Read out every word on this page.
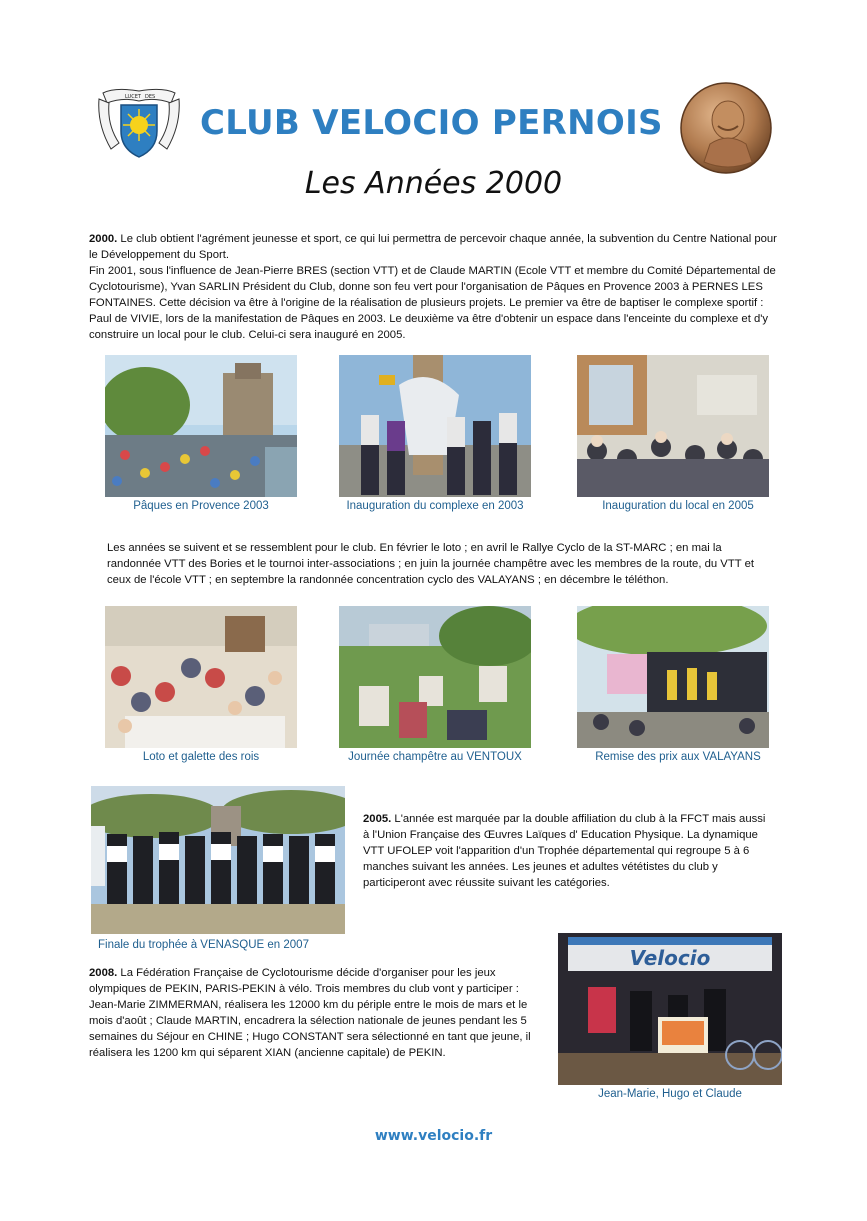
LUCET DES
CLUB VELOCIO PERNOIS
Les Années 2000
2000. Le club obtient l'agrément jeunesse et sport, ce qui lui permettra de percevoir chaque année, la subvention du Centre National pour le Développement du Sport.
Fin 2001, sous l'influence de Jean-Pierre BRES (section VTT) et de Claude MARTIN (Ecole VTT et membre du Comité Départemental de Cyclotourisme), Yvan SARLIN Président du Club, donne son feu vert pour l'organisation de Pâques en Provence 2003 à PERNES LES FONTAINES. Cette décision va être à l'origine de la réalisation de plusieurs projets. Le premier va être de baptiser le complexe sportif : Paul de VIVIE, lors de la manifestation de Pâques en 2003. Le deuxième va être d'obtenir un espace dans l'enceinte du complexe et d'y construire un local pour le club. Celui-ci sera inauguré en 2005.
Pâques en Provence 2003	Inauguration du complexe en 2003	Inauguration du local en 2005
Les années se suivent et se ressemblent pour le club. En février le loto ; en avril le Rallye Cyclo de la ST-MARC ; en mai la randonnée VTT des Bories et le tournoi inter-associations ; en juin la journée champêtre avec les membres de la route, du VTT et ceux de l'école VTT ; en septembre la randonnée concentration cyclo des VALAYANS ; en décembre le téléthon.
Loto et galette des rois	Journée champêtre au VENTOUX	Remise des prix aux VALAYANS
Finale du trophée à VENASQUE en 2007
2005. L'année est marquée par la double affiliation du club à la FFCT mais aussi à l'Union Française des Œuvres Laïques d' Education Physique. La dynamique VTT UFOLEP voit l'apparition d'un Trophée départemental qui regroupe 5 à 6 manches suivant les années. Les jeunes et adultes vététistes du club y participeront avec réussite suivant les catégories.
2008. La Fédération Française de Cyclotourisme décide d'organiser pour les jeux olympiques de PEKIN, PARIS-PEKIN à vélo. Trois membres du club vont y participer : Jean-Marie ZIMMERMAN, réalisera les 12000 km du périple entre le mois de mars et le mois d'août ; Claude MARTIN, encadrera la sélection nationale de jeunes pendant les 5 semaines du Séjour en CHINE ; Hugo CONSTANT sera sélectionné en tant que jeune, il réalisera les 1200 km qui séparent XIAN (ancienne capitale) de PEKIN.
Velocio
Jean-Marie, Hugo et Claude
www.velocio.fr
